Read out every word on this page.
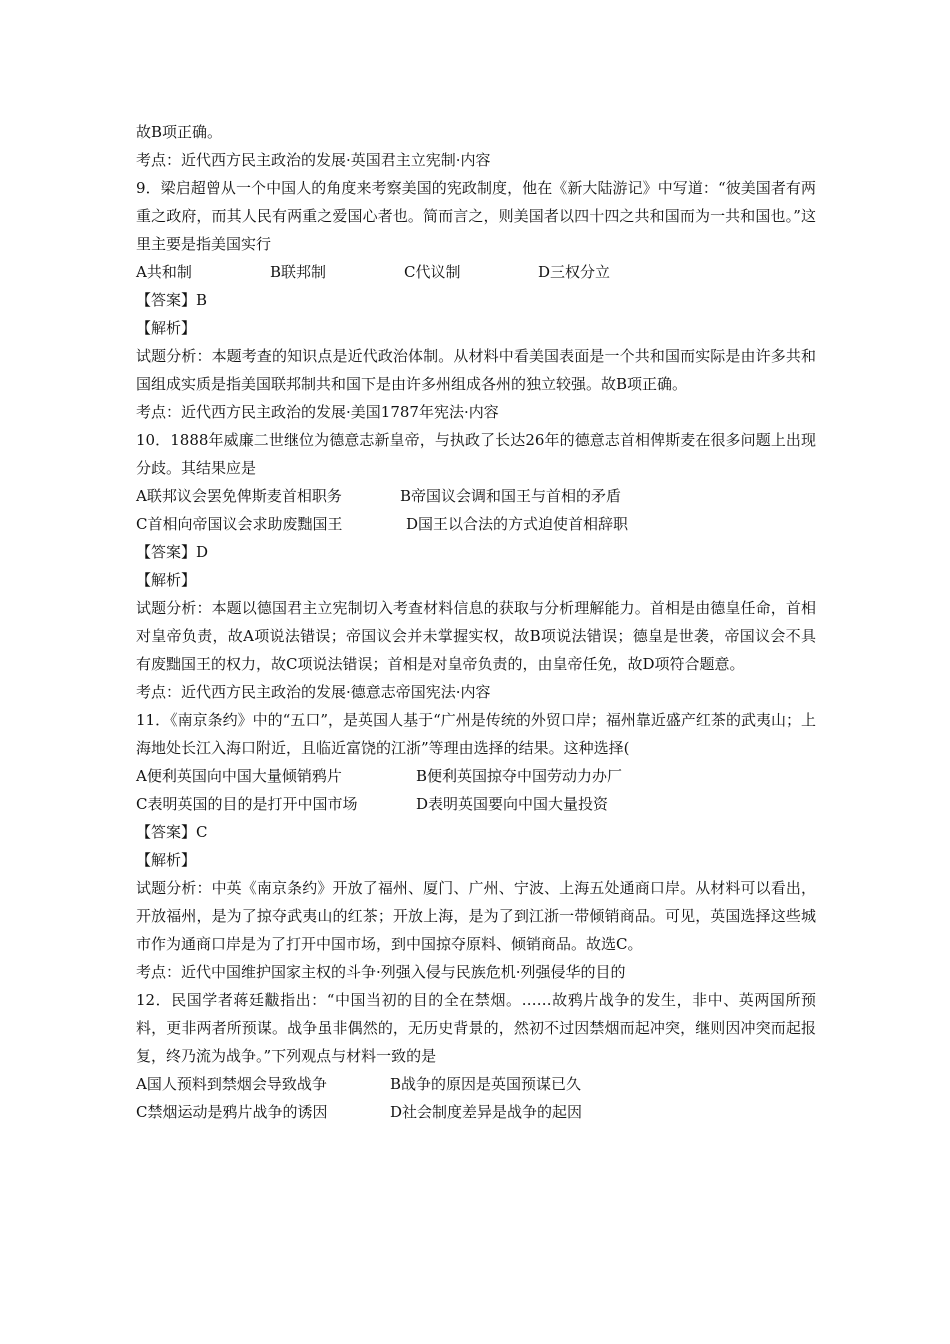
故B项正确。
考点：近代西方民主政治的发展·英国君主立宪制·内容
9．梁启超曾从一个中国人的角度来考察美国的宪政制度，他在《新大陆游记》中写道：“彼美国者有两重之政府，而其人民有两重之爱国心者也。简而言之，则美国者以四十四之共和国而为一共和国也。”这里主要是指美国实行
A共和制	B联邦制	C代议制	D三权分立
【答案】B
【解析】
试题分析：本题考查的知识点是近代政治体制。从材料中看美国表面是一个共和国而实际是由许多共和国组成实质是指美国联邦制共和国下是由许多州组成各州的独立较强。故B项正确。
考点：近代西方民主政治的发展·美国1787年宪法·内容
10．1888年威廉二世继位为德意志新皇帝，与执政了长达26年的德意志首相俾斯麦在很多问题上出现分歧。其结果应是
A联邦议会罢免俾斯麦首相职务	B帝国议会调和国王与首相的矛盾
C首相向帝国议会求助废黜国王	D国王以合法的方式迫使首相辞职
【答案】D
【解析】
试题分析：本题以德国君主立宪制切入考查材料信息的获取与分析理解能力。首相是由德皇任命，首相对皇帝负责，故A项说法错误；帝国议会并未掌握实权，故B项说法错误；德皇是世袭，帝国议会不具有废黜国王的权力，故C项说法错误；首相是对皇帝负责的，由皇帝任免，故D项符合题意。
考点：近代西方民主政治的发展·德意志帝国宪法·内容
11．《南京条约》中的“五口”，是英国人基于“广州是传统的外贸口岸；福州靠近盛产红茶的武夷山；上海地处长江入海口附近，且临近富饶的江浙”等理由选择的结果。这种选择(
A便利英国向中国大量倾销鸦片	B便利英国掠夺中国劳动力办厂
C表明英国的目的是打开中国市场	D表明英国要向中国大量投资
【答案】C
【解析】
试题分析：中英《南京条约》开放了福州、厦门、广州、宁波、上海五处通商口岸。从材料可以看出，开放福州，是为了掠夺武夷山的红茶；开放上海，是为了到江浙一带倾销商品。可见，英国选择这些城市作为通商口岸是为了打开中国市场，到中国掠夺原料、倾销商品。故选C。
考点：近代中国维护国家主权的斗争·列强入侵与民族危机·列强侵华的目的
12．民国学者蒋廷黻指出：“中国当初的目的全在禁烟。……故鸦片战争的发生，非中、英两国所预料，更非两者所预谋。战争虽非偶然的，无历史背景的，然初不过因禁烟而起冲突，继则因冲突而起报复，终乃流为战争。”下列观点与材料一致的是
A国人预料到禁烟会导致战争	B战争的原因是英国预谋已久
C禁烟运动是鸦片战争的诱因	D社会制度差异是战争的起因
